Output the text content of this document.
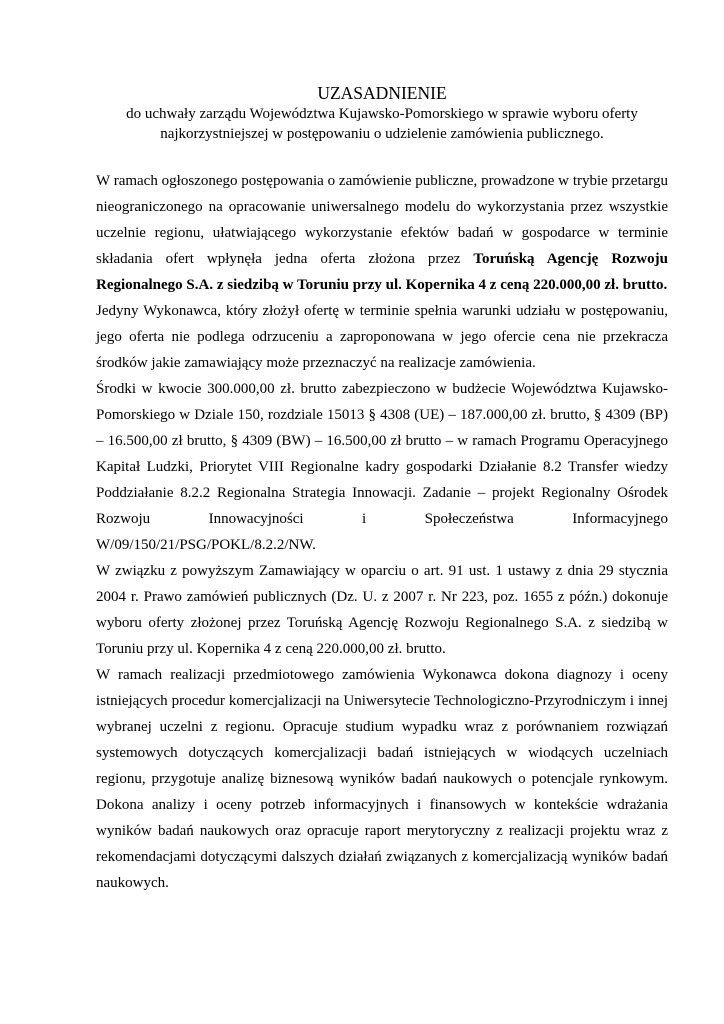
UZASADNIENIE
do uchwały zarządu Województwa Kujawsko-Pomorskiego w sprawie wyboru oferty najkorzystniejszej w postępowaniu o udzielenie zamówienia publicznego.

W ramach ogłoszonego postępowania o zamówienie publiczne, prowadzone w trybie przetargu nieograniczonego na opracowanie uniwersalnego modelu do wykorzystania przez wszystkie uczelnie regionu, ułatwiającego wykorzystanie efektów badań w gospodarce w terminie składania ofert wpłynęła jedna oferta złożona przez Toruńską Agencję Rozwoju Regionalnego S.A. z siedzibą w Toruniu przy ul. Kopernika 4 z ceną 220.000,00 zł. brutto.

Jedyny Wykonawca, który złożył ofertę w terminie spełnia warunki udziału w postępowaniu, jego oferta nie podlega odrzuceniu a zaproponowana w jego ofercie cena nie przekracza środków jakie zamawiający może przeznaczyć na realizacje zamówienia.

Środki w kwocie 300.000,00 zł. brutto zabezpieczono w budżecie Województwa Kujawsko-Pomorskiego w Dziale 150, rozdziale 15013 § 4308 (UE) – 187.000,00 zł. brutto, § 4309 (BP) – 16.500,00 zł brutto, § 4309 (BW) – 16.500,00 zł brutto – w ramach Programu Operacyjnego Kapitał Ludzki, Priorytet VIII Regionalne kadry gospodarki Działanie 8.2 Transfer wiedzy Poddziałanie 8.2.2 Regionalna Strategia Innowacji. Zadanie – projekt Regionalny Ośrodek Rozwoju Innowacyjności i Społeczeństwa Informacyjnego W/09/150/21/PSG/POKL/8.2.2/NW.

W związku z powyższym Zamawiający w oparciu o art. 91 ust. 1 ustawy z dnia 29 stycznia 2004 r. Prawo zamówień publicznych (Dz. U. z 2007 r. Nr 223, poz. 1655 z późn.) dokonuje wyboru oferty złożonej przez Toruńską Agencję Rozwoju Regionalnego S.A. z siedzibą w Toruniu przy ul. Kopernika 4 z ceną 220.000,00 zł. brutto.

W ramach realizacji przedmiotowego zamówienia Wykonawca dokona diagnozy i oceny istniejących procedur komercjalizacji na Uniwersytecie Technologiczno-Przyrodniczym i innej wybranej uczelni z regionu. Opracuje studium wypadku wraz z porównaniem rozwiązań systemowych dotyczących komercjalizacji badań istniejących w wiodących uczelniach regionu, przygotuje analizę biznesową wyników badań naukowych o potencjale rynkowym. Dokona analizy i oceny potrzeb informacyjnych i finansowych w kontekście wdrażania wyników badań naukowych oraz opracuje raport merytoryczny z realizacji projektu wraz z rekomendacjami dotyczącymi dalszych działań związanych z komercjalizacją wyników badań naukowych.
